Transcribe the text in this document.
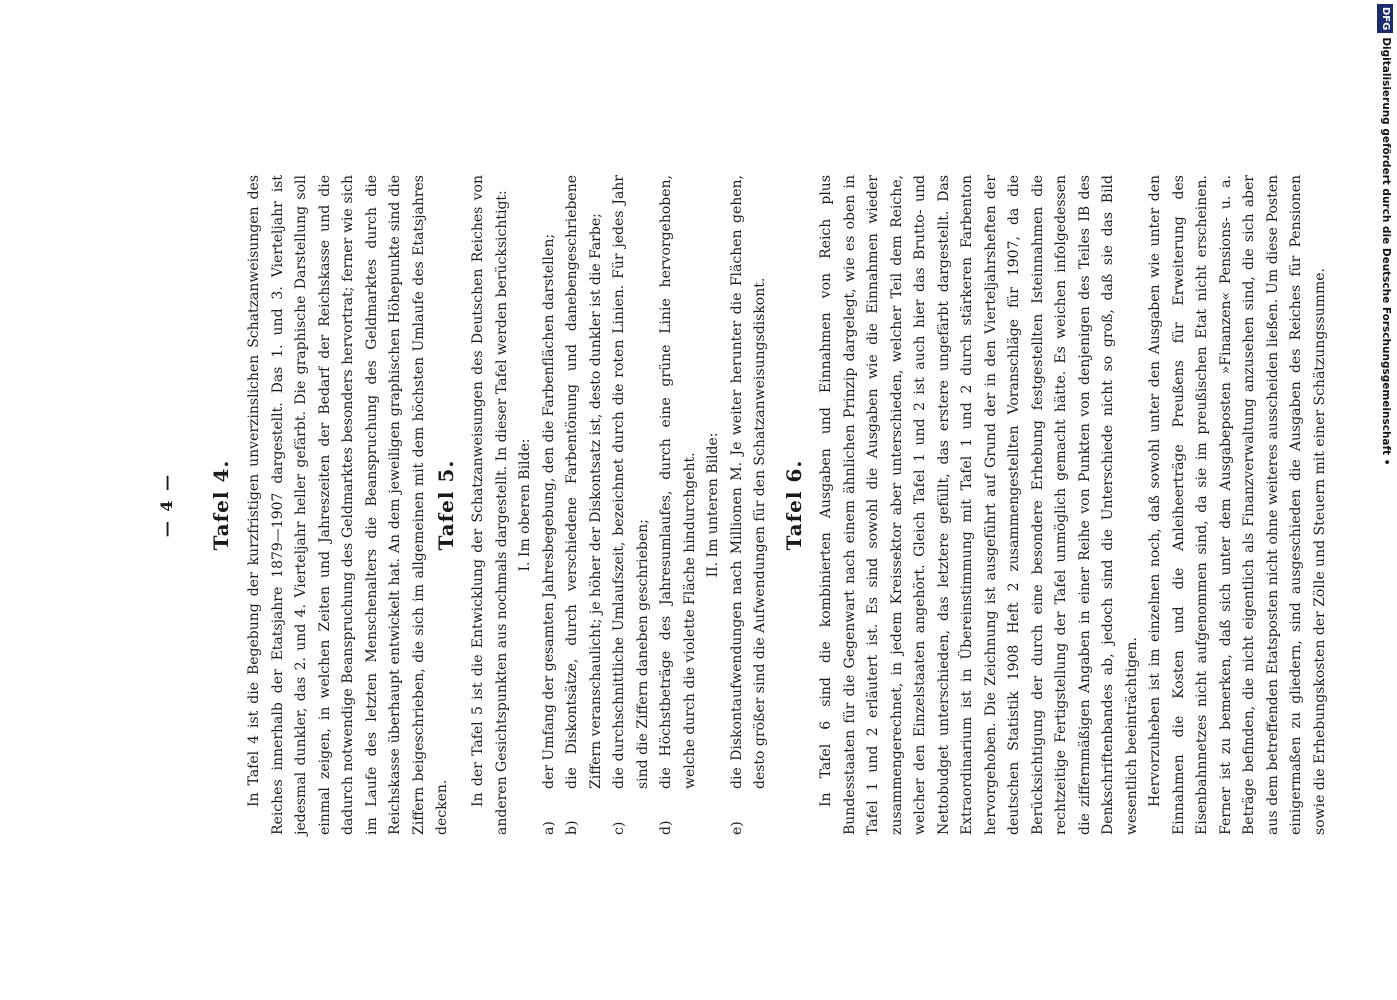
— 4 — Tafel 4. In Tafel 4 ist die Begebung der kurzfristigen unverzinslichen Schatzanweisungen des Reiches innerhalb der Etatsjahre 1879—1907 dargestellt. Das 1. und 3. Vierteljahr ist jedesmal dunkler, das 2. und 4. Vierteljahr heller gefärbt. Die graphische Darstellung soll einmal zeigen, in welchen Zeiten und Jahreszeiten der Bedarf der Reichskasse und die dadurch notwendige Beanspruchung des Geldmarktes besonders hervortrat; ferner wie sich im Laufe des letzten Menschenalters die Beanspruchung des Geldmarktes durch die Reichskasse überhaupt entwickelt hat. An dem jeweiligen graphischen Höhepunkte sind die Ziffern beigeschrieben, die sich im allgemeinen mit dem höchsten Umlaufe des Etatsjahres decken.

Tafel 5. In der Tafel 5 ist die Entwicklung der Schatzanweisungen des Deutschen Reiches von anderen Gesichtspunkten aus nochmals dargestellt. In dieser Tafel werden berücksichtigt: I. Im oberen Bilde:

a)
der Umfang der gesamten Jahresbegebung, den die Farbenflächen darstellen;

b)
die Diskontsätze, durch verschiedene Farbentönung und danebengeschriebene Ziffern veranschaulicht; je höher der Diskontsatz ist, desto dunkler ist die Farbe;

c)
die durchschnittliche Umlaufszeit, bezeichnet durch die roten Linien. Für jedes Jahr sind die Ziffern daneben geschrieben;

d)
die Höchstbeträge des Jahresumlaufes, durch eine grüne Linie hervorgehoben, welche durch die violette Fläche hindurchgeht. II. Im unteren Bilde:

e)
die Diskontaufwendungen nach Millionen M. Je weiter herunter die Flächen gehen, desto größer sind die Aufwendungen für den Schatzanweisungsdiskont. Tafel 6. In Tafel 6 sind die kombinierten Ausgaben und Einnahmen von Reich plus Bundesstaaten für die Gegenwart nach einem ähnlichen Prinzip dargelegt, wie es oben in Tafel 1 und 2 erläutert ist. Es sind sowohl die Ausgaben wie die Einnahmen wieder zusammengerechnet, in jedem Kreissektor aber unterschieden, welcher Teil dem Reiche, welcher den Einzelstaaten angehört. Gleich Tafel 1 und 2 ist auch hier das Brutto- und Nettobudget unterschieden, das letztere gefüllt, das erstere ungefärbt dargestellt. Das Extraordinarium ist in Übereinstimmung mit Tafel 1 und 2 durch stärkeren Farbenton hervorgehoben. Die Zeichnung ist ausgeführt auf Grund der in den Vierteljahrsheften der deutschen Statistik 1908 Heft 2 zusammengestellten Voranschläge für 1907, da die Berücksichtigung der durch eine besondere Erhebung festgestellten Isteinnahmen die rechtzeitige Fertigstellung der Tafel unmöglich gemacht hätte. Es weichen infolgedessen die ziffernmäßigen Angaben in einer Reihe von Punkten von denjenigen des Teiles IB des Denkschriftenbandes ab, jedoch sind die Unterschiede nicht so groß, daß sie das Bild wesentlich beeinträchtigen. Hervorzuheben ist im einzelnen noch, daß sowohl unter den Ausgaben wie unter den Einnahmen die Kosten und die Anleiheerträge Preußens für Erweiterung des Eisenbahnnetzes nicht aufgenommen sind, da sie im preußischen Etat nicht erscheinen. Ferner ist zu bemerken, daß sich unter dem Ausgabeposten »Finanzen« Pensions- u. a. Beträge befinden, die nicht eigentlich als Finanzverwaltung anzusehen sind, die sich aber aus dem betreffenden Etatsposten nicht ohne weiteres ausscheiden ließen. Um diese Posten einigermaßen zu gliedern, sind ausgeschieden die Ausgaben des Reiches für Pensionen sowie die Erhebungskosten der Zölle und Steuern mit einer Schätzungssumme.

DFGDigitalisierung gefördert durch die Deutsche Forschungsgemeinschaft •
